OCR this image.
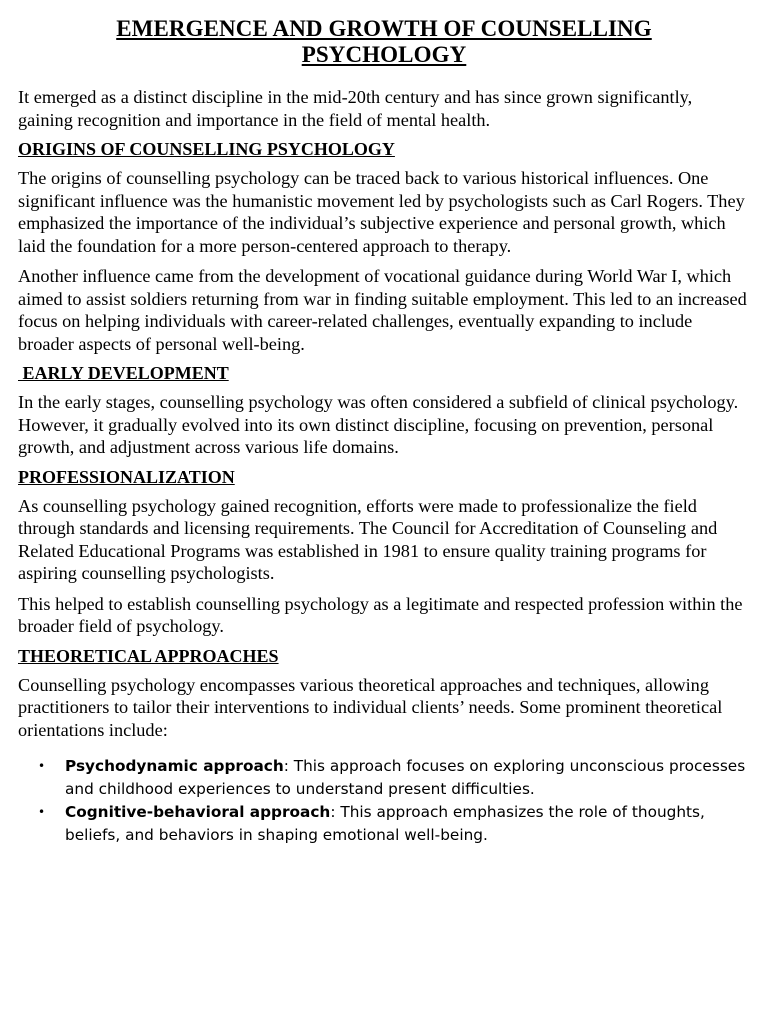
EMERGENCE AND GROWTH OF COUNSELLING
PSYCHOLOGY

It emerged as a distinct discipline in the mid-20th century and has since grown significantly, gaining recognition and importance in the field of mental health.

ORIGINS OF COUNSELLING PSYCHOLOGY

The origins of counselling psychology can be traced back to various historical influences. One significant influence was the humanistic movement led by psychologists such as Carl Rogers. They emphasized the importance of the individual’s subjective experience and personal growth, which laid the foundation for a more person-centered approach to therapy.

Another influence came from the development of vocational guidance during World War I, which aimed to assist soldiers returning from war in finding suitable employment. This led to an increased focus on helping individuals with career-related challenges, eventually expanding to include broader aspects of personal well-being.

EARLY DEVELOPMENT

In the early stages, counselling psychology was often considered a subfield of clinical psychology. However, it gradually evolved into its own distinct discipline, focusing on prevention, personal growth, and adjustment across various life domains.

PROFESSIONALIZATION

As counselling psychology gained recognition, efforts were made to professionalize the field through standards and licensing requirements. The Council for Accreditation of Counseling and Related Educational Programs was established in 1981 to ensure quality training programs for aspiring counselling psychologists.

This helped to establish counselling psychology as a legitimate and respected profession within the broader field of psychology.

THEORETICAL APPROACHES

Counselling psychology encompasses various theoretical approaches and techniques, allowing practitioners to tailor their interventions to individual clients’ needs. Some prominent theoretical orientations include:

• Psychodynamic approach: This approach focuses on exploring unconscious processes and childhood experiences to understand present difficulties.
• Cognitive-behavioral approach: This approach emphasizes the role of thoughts, beliefs, and behaviors in shaping emotional well-being.
